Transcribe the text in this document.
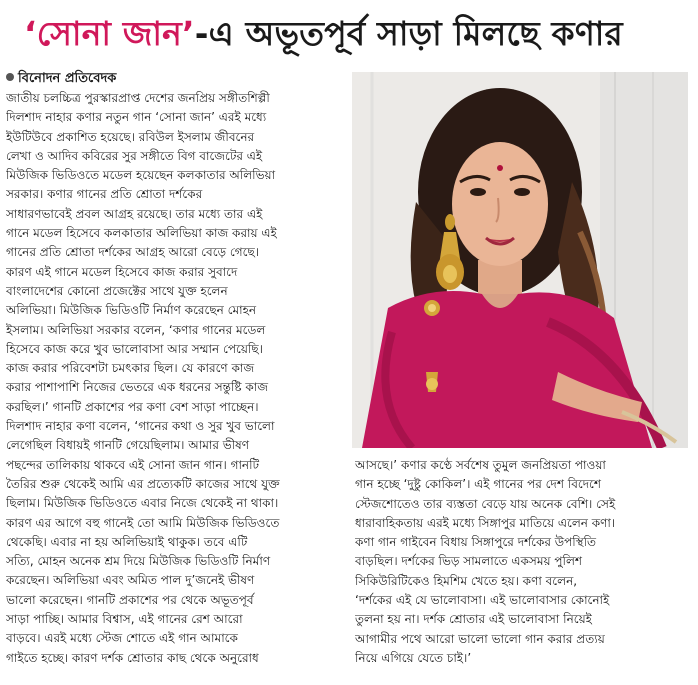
‘সোনা জান’-এ অভূতপূর্ব সাড়া মিলছে কণার
বিনোদন প্রতিবেদক
জাতীয় চলচ্চিত্র পুরস্কারপ্রাপ্ত দেশের জনপ্রিয় সঙ্গীতশিল্পী
দিলশাদ নাহার কণার নতুন গান ‘সোনা জান’ এরই মধ্যে
ইউটিউবে প্রকাশিত হয়েছে। রবিউল ইসলাম জীবনের
লেখা ও আদিব কবিরের সুর সঙ্গীতে বিগ বাজেটের এই
মিউজিক ভিডিওতে মডেল হয়েছেন কলকাতার অলিভিয়া
সরকার। কণার গানের প্রতি শ্রোতা দর্শকের
সাধারণভাবেই প্রবল আগ্রহ রয়েছে। তার মধ্যে তার এই
গানে মডেল হিসেবে কলকাতার অলিভিয়া কাজ করায় এই
গানের প্রতি শ্রোতা দর্শকের আগ্রহ আরো বেড়ে গেছে।
কারণ এই গানে মডেল হিসেবে কাজ করার সুবাদে
বাংলাদেশের কোনো প্রজেক্টের সাথে যুক্ত হলেন
অলিভিয়া। মিউজিক ভিডিওটি নির্মাণ করেছেন মোহন
ইসলাম। অলিভিয়া সরকার বলেন, ‘কণার গানের মডেল
হিসেবে কাজ করে খুব ভালোবাসা আর সম্মান পেয়েছি।
কাজ করার পরিবেশটা চমৎকার ছিল। যে কারণে কাজ
করার পাশাপাশি নিজের ভেতরে এক ধরনের সন্তুষ্টি কাজ
করছিল।’ গানটি প্রকাশের পর কণা বেশ সাড়া পাচ্ছেন।
দিলশাদ নাহার কণা বলেন, ‘গানের কথা ও সুর খুব ভালো
লেগেছিল বিধায়ই গানটি গেয়েছিলাম। আমার ভীষণ
পছন্দের তালিকায় থাকবে এই সোনা জান গান। গানটি
তৈরির শুরু থেকেই আমি এর প্রত্যেকটি কাজের সাথে যুক্ত
ছিলাম। মিউজিক ভিডিওতে এবার নিজে থেকেই না থাকা।
কারণ এর আগে বহু গানেই তো আমি মিউজিক ভিডিওতে
থেকেছি। এবার না হয় অলিভিয়াই থাকুক। তবে এটি
সত্যি, মোহন অনেক শ্রম দিয়ে মিউজিক ভিডিওটি নির্মাণ
করেছেন। অলিভিয়া এবং অমিত পাল দু’জনেই ভীষণ
ভালো করেছেন। গানটি প্রকাশের পর থেকে অভূতপূর্ব
সাড়া পাচ্ছি। আমার বিশ্বাস, এই গানের রেশ আরো
বাড়বে। এরই মধ্যে স্টেজ শোতে এই গান আমাকে
গাইতে হচ্ছে। কারণ দর্শক শ্রোতার কাছ থেকে অনুরোধ
আসছে।’ কণার কণ্ঠে সর্বশেষ তুমুল জনপ্রিয়তা পাওয়া
গান হচ্ছে ‘দুষ্টু কোকিল’। এই গানের পর দেশ বিদেশে
স্টেজশোতেও তার ব্যস্ততা বেড়ে যায় অনেক বেশি। সেই
ধারাবাহিকতায় এরই মধ্যে সিঙ্গাপুর মাতিয়ে এলেন কণা।
কণা গান গাইবেন বিধায় সিঙ্গাপুরে দর্শকের উপস্থিতি
বাড়ছিল। দর্শকের ভিড় সামলাতে একসময় পুলিশ
সিকিউরিটিকেও হিমশিম খেতে হয়। কণা বলেন,
‘দর্শকের এই যে ভালোবাসা। এই ভালোবাসার কোনোই
তুলনা হয় না। দর্শক শ্রোতার এই ভালোবাসা নিয়েই
আগামীর পথে আরো ভালো ভালো গান করার প্রত্যয়
নিয়ে এগিয়ে যেতে চাই।’
